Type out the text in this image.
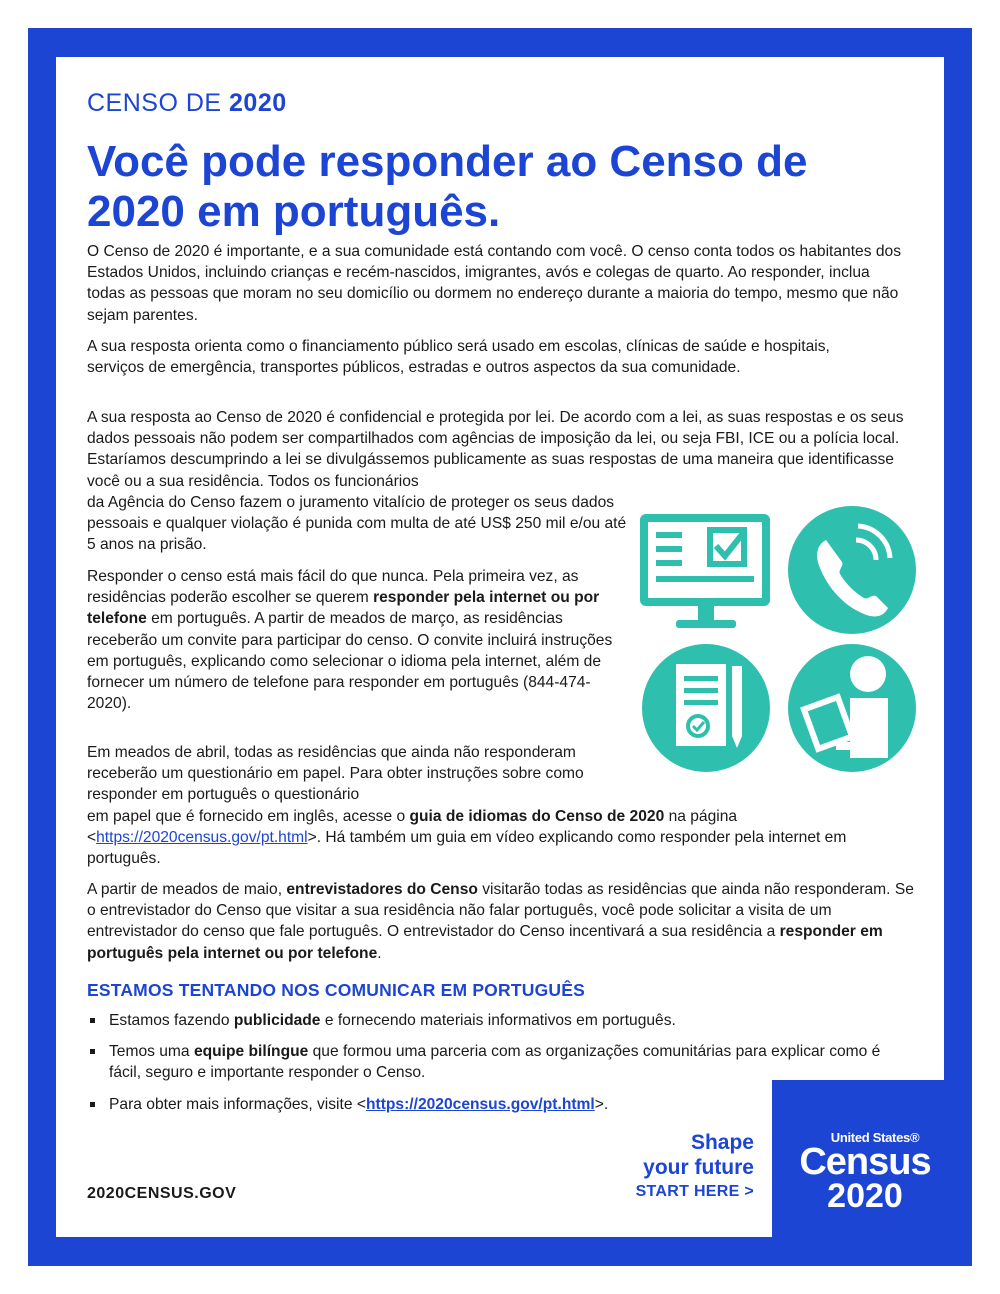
CENSO DE 2020
Você pode responder ao Censo de 2020 em português.

O Censo de 2020 é importante, e a sua comunidade está contando com você. O censo conta todos os habitantes dos Estados Unidos, incluindo crianças e recém-nascidos, imigrantes, avós e colegas de quarto. Ao responder, inclua todas as pessoas que moram no seu domicílio ou dormem no endereço durante a maioria do tempo, mesmo que não sejam parentes.

A sua resposta orienta como o financiamento público será usado em escolas, clínicas de saúde e hospitais, serviços de emergência, transportes públicos, estradas e outros aspectos da sua comunidade.

A sua resposta ao Censo de 2020 é confidencial e protegida por lei. De acordo com a lei, as suas respostas e os seus dados pessoais não podem ser compartilhados com agências de imposição da lei, ou seja FBI, ICE ou a polícia local. Estaríamos descumprindo a lei se divulgássemos publicamente as suas respostas de uma maneira que identificasse você ou a sua residência. Todos os funcionários

da Agência do Censo fazem o juramento vitalício de proteger os seus dados pessoais e qualquer violação é punida com multa de até US$ 250 mil e/ou até 5 anos na prisão.

Responder o censo está mais fácil do que nunca. Pela primeira vez, as residências poderão escolher se querem responder pela internet ou por telefone em português. A partir de meados de março, as residências receberão um convite para participar do censo. O convite incluirá instruções em português, explicando como selecionar o idioma pela internet, além de fornecer um número de telefone para responder em português (844-474-2020).

Em meados de abril, todas as residências que ainda não responderam receberão um questionário em papel. Para obter instruções sobre como responder em português o questionário

em papel que é fornecido em inglês, acesse o guia de idiomas do Censo de 2020 na página <https://2020census.gov/pt.html>. Há também um guia em vídeo explicando como responder pela internet em português.

A partir de meados de maio, entrevistadores do Censo visitarão todas as residências que ainda não responderam. Se o entrevistador do Censo que visitar a sua residência não falar português, você pode solicitar a visita de um entrevistador do censo que fale português. O entrevistador do Censo incentivará a sua residência a responder em português pela internet ou por telefone.

ESTAMOS TENTANDO NOS COMUNICAR EM PORTUGUÊS
Estamos fazendo publicidade e fornecendo materiais informativos em português.
Temos uma equipe bilíngue que formou uma parceria com as organizações comunitárias para explicar como é fácil, seguro e importante responder o Censo.
Para obter mais informações, visite <https://2020census.gov/pt.html>.

2020CENSUS.GOV

Shape
your future
START HERE >
United States®
Census
2020
